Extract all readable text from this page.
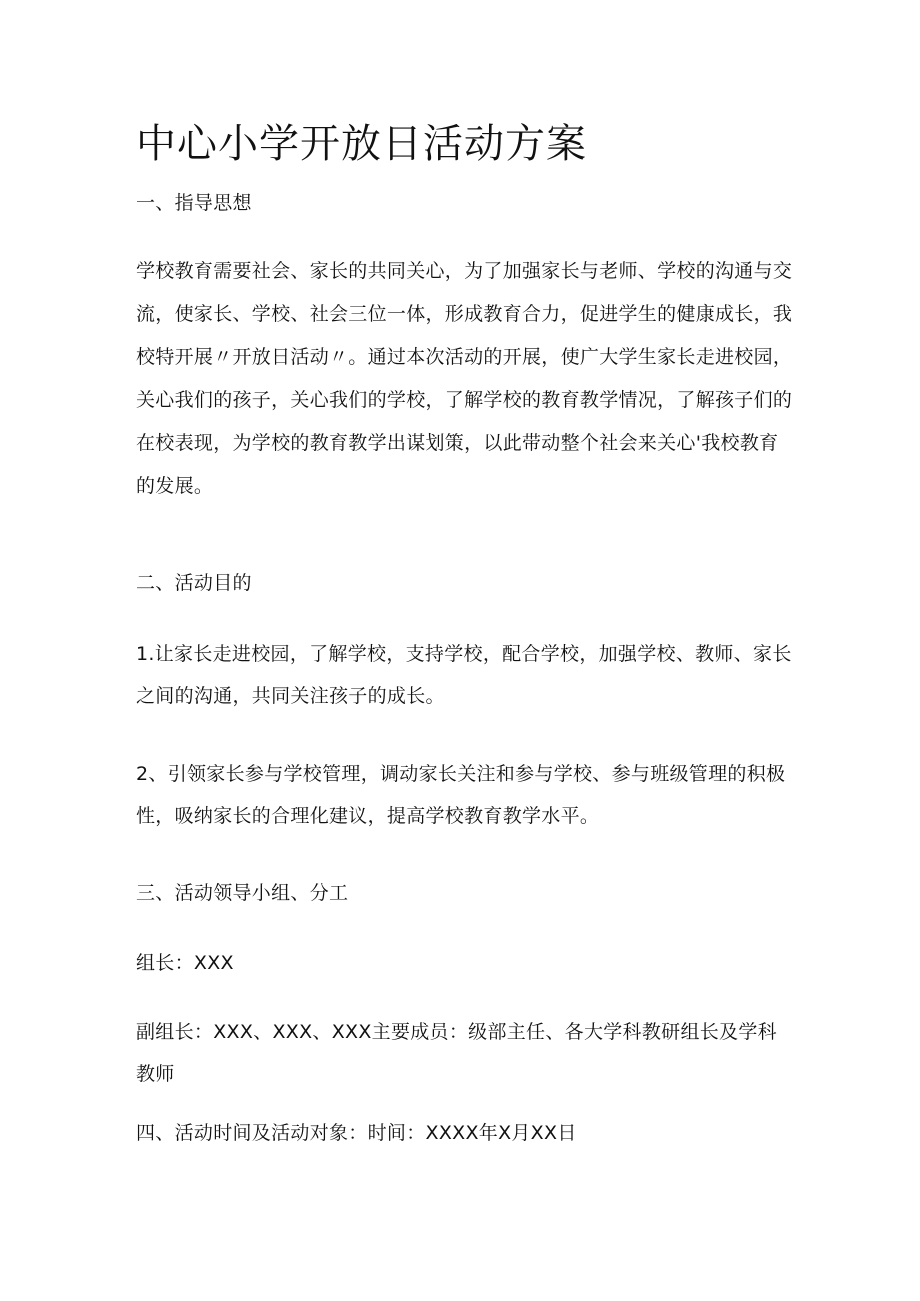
中心小学开放日活动方案

一、指导思想

学校教育需要社会、家长的共同关心，为了加强家长与老师、学校的沟通与交流，使家长、学校、社会三位一体，形成教育合力，促进学生的健康成长，我校特开展〃开放日活动〃。通过本次活动的开展，使广大学生家长走进校园，关心我们的孩子，关心我们的学校，了解学校的教育教学情况，了解孩子们的在校表现，为学校的教育教学出谋划策，以此带动整个社会来关心'我校教育的发展。

二、活动目的

1.让家长走进校园，了解学校，支持学校，配合学校，加强学校、教师、家长之间的沟通，共同关注孩子的成长。

2、引领家长参与学校管理，调动家长关注和参与学校、参与班级管理的积极性，吸纳家长的合理化建议，提高学校教育教学水平。

三、活动领导小组、分工

组长：XXX

副组长：XXX、XXX、XXX主要成员：级部主任、各大学科教研组长及学科教师

四、活动时间及活动对象：时间：XXXX年X月XX日
